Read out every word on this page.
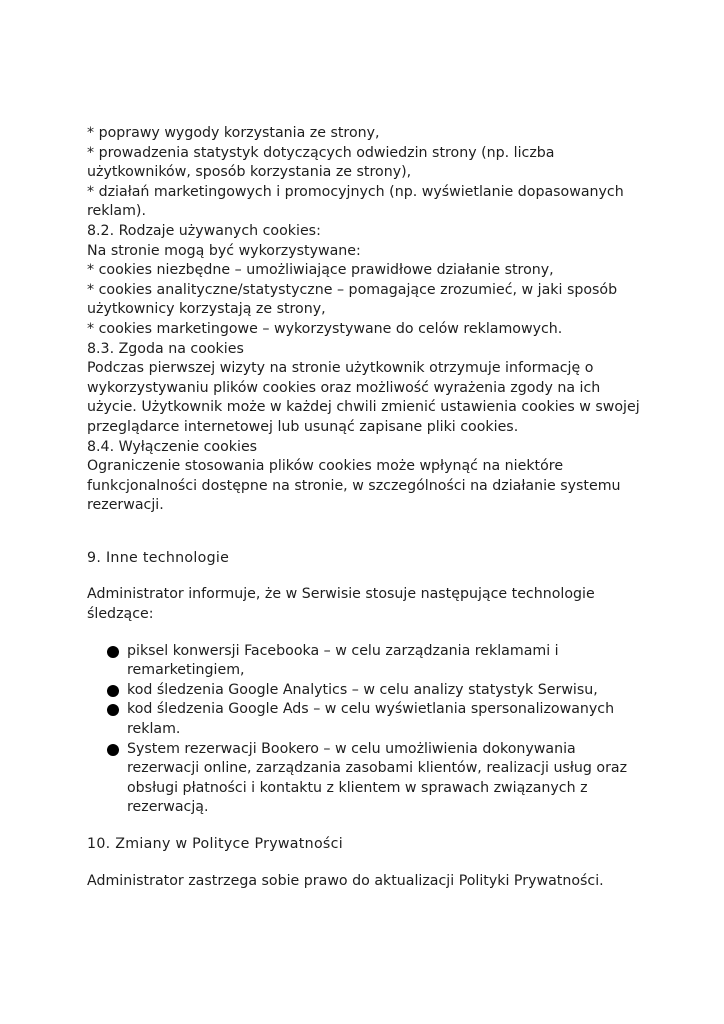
* poprawy wygody korzystania ze strony,
* prowadzenia statystyk dotyczących odwiedzin strony (np. liczba
użytkowników, sposób korzystania ze strony),
* działań marketingowych i promocyjnych (np. wyświetlanie dopasowanych
reklam).
8.2. Rodzaje używanych cookies:
Na stronie mogą być wykorzystywane:
* cookies niezbędne – umożliwiające prawidłowe działanie strony,
* cookies analityczne/statystyczne – pomagające zrozumieć, w jaki sposób
użytkownicy korzystają ze strony,
* cookies marketingowe – wykorzystywane do celów reklamowych.
8.3. Zgoda na cookies
Podczas pierwszej wizyty na stronie użytkownik otrzymuje informację o
wykorzystywaniu plików cookies oraz możliwość wyrażenia zgody na ich
użycie. Użytkownik może w każdej chwili zmienić ustawienia cookies w swojej
przeglądarce internetowej lub usunąć zapisane pliki cookies.
8.4. Wyłączenie cookies
Ograniczenie stosowania plików cookies może wpłynąć na niektóre
funkcjonalności dostępne na stronie, w szczególności na działanie systemu
rezerwacji.
9. Inne technologie
Administrator informuje, że w Serwisie stosuje następujące technologie
śledzące:
piksel konwersji Facebooka – w celu zarządzania reklamami i
remarketingiem,
kod śledzenia Google Analytics – w celu analizy statystyk Serwisu,
kod śledzenia Google Ads – w celu wyświetlania spersonalizowanych
reklam.
System rezerwacji Bookero – w celu umożliwienia dokonywania
rezerwacji online, zarządzania zasobami klientów, realizacji usług oraz
obsługi płatności i kontaktu z klientem w sprawach związanych z
rezerwacją.
10. Zmiany w Polityce Prywatności
Administrator zastrzega sobie prawo do aktualizacji Polityki Prywatności.
